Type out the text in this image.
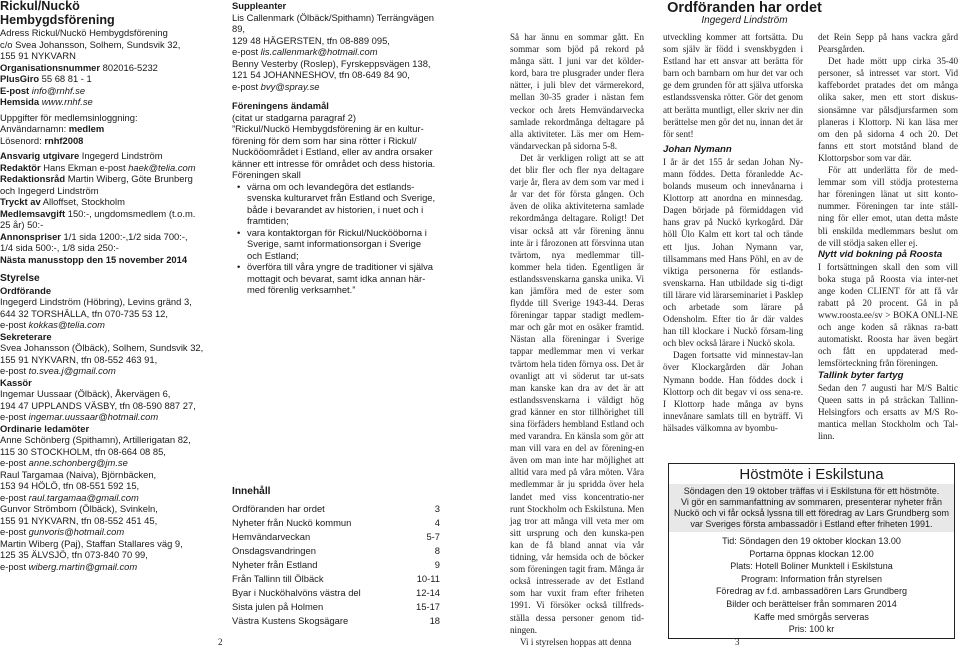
Rickul/Nuckö

Hembygdsförening

Adress Rickul/Nuckö Hembygdsförening
c/o Svea Johansson, Solhem, Sundsvik 32,
155 91 NYKVARN

Organisationsnummer 802016-5232

PlusGiro 55 68 81 - 1

E-post info@rnhf.se

Hemsida www.rnhf.se

Uppgifter för medlemsinloggning:

Användarnamn: medlem

Lösenord: rnhf2008

Ansvarig utgivare Ingegerd Lindström

Redaktör Hans Ekman e-post haek@telia.com

Redaktionsråd Martin Wiberg, Göte Brunberg
och Ingegerd Lindström

Tryckt av Alloffset, Stockholm

Medlemsavgift 150:-, ungdomsmedlem (t.o.m.
25 år) 50:-

Annonspriser 1/1 sida 1200:-,1/2 sida 700:-,
1/4 sida 500:-, 1/8 sida 250:-

Nästa manusstopp den 15 november 2014

Styrelse

Ordförande

Ingegerd Lindström (Höbring), Levins gränd 3,
644 32 TORSHÄLLA, tfn 070-735 53 12,
e-post kokkas@telia.com

Sekreterare

Svea Johansson (Ölbäck), Solhem, Sundsvik 32,
155 91 NYKVARN, tfn 08-552 463 91,
e-post to.svea.j@gmail.com

Kassör

Ingemar Uussaar (Ölbäck), Åkervägen 6,
194 47 UPPLANDS VÄSBY, tfn 08-590 887 27,
e-post ingemar.uussaar@hotmail.com

Ordinarie ledamöter

Anne Schönberg (Spithamn), Artillerigatan 82,
115 30 STOCKHOLM, tfn 08-664 08 85,
e-post anne.schonberg@jm.se

Raul Targamaa (Naiva), Björnbäcken,
153 94 HÖLÖ, tfn 08-551 592 15,
e-post raul.targamaa@gmail.com

Gunvor Strömbom (Ölbäck), Svinkeln,
155 91 NYKVARN, tfn 08-552 451 45,
e-post gunvoris@hotmail.com

Martin Wiberg (Paj), Staffan Stallares väg 9,
125 35 ÄLVSJÖ, tfn 073-840 70 99,
e-post wiberg.martin@gmail.com

Suppleanter

Lis Callenmark (Ölbäck/Spithamn) Terrängvägen 89,
129 48 HÄGERSTEN, tfn 08-889 095,
e-post lis.callenmark@hotmail.com

Benny Vesterby (Roslep), Fyrskeppsvägen 138,
121 54 JOHANNESHOV, tfn 08-649 84 90,
e-post bvy@spray.se

Föreningens ändamål

(citat ur stadgarna paragraf 2)

”Rickul/Nuckö Hembygdsförening är en kultur-
förening för dem som har sina rötter i Rickul/
Nuckööområdet i Estland, eller av andra orsaker
känner ett intresse för området och dess historia.
Föreningen skall

• värna om och levandegöra det estlands-
svenska kulturarvet från Estland och Sverige,
både i bevarandet av historien, i nuet och i
framtiden;
• vara kontaktorgan för Rickul/Nuckööborna i
Sverige, samt informationsorgan i Sverige
och Estland;
• överföra till våra yngre de traditioner vi själva
mottagit och bevarat, samt idka annan här-
med förenlig verksamhet.”

Innehåll

Ordföranden har ordet	3
Nyheter från Nuckö kommun	4
Hemvändarveckan	5-7
Onsdagsvandringen	8
Nyheter från Estland	9
Från Tallinn till Ölbäck	10-11
Byar i Nucköhalvöns västra del	12-14
Sista julen på Holmen	15-17
Västra Kustens Skogsägare	18
2
Ordföranden har ordet
Ingegerd Lindström

Så har ännu en sommar gått. En sommar som bjöd på rekord på många sätt. I juni var det kölder-kord, bara tre plusgrader under flera nätter, i juli blev det värmerekord, mellan 30-35 grader i nästan fem veckor och årets Hemvändarvecka samlade rekordmånga deltagare på alla aktiviteter. Läs mer om Hem-vändarveckan på sidorna 5-8.

Det är verkligen roligt att se att det blir fler och fler nya deltagare varje år, flera av dem som var med i år var det för första gången. Och även de olika aktiviteterna samlade rekordmånga deltagare. Roligt! Det visar också att vår förening ännu inte är i fårozonen att försvinna utan tvärtom, nya medlemmar till-kommer hela tiden. Egentligen är estlandssvenskarna ganska unika. Vi kan jämföra med de ester som flydde till Sverige 1943-44. Deras föreningar tappar stadigt medlem-mar och går mot en osäker framtid. Nästan alla föreningar i Sverige tappar medlemmar men vi verkar tvärtom hela tiden förnya oss. Det är ovanligt att vi söderut tar ut-sats man kanske kan dra av det är att estlandssvenskarna i väldigt hög grad känner en stor tillhörighet till sina förfäders hembland Estland och med varandra. En känsla som gör att man vill vara en del av förening-en även om man inte har möjlighet att alltid vara med på våra möten. Våra medlemmar är ju spridda över hela landet med viss koncentratio-ner runt Stockholm och Eskilstuna. Men jag tror att många vill veta mer om sitt ursprung och den kunska-pen kan de få bland annat via vår tidning, vår hemsida och de böcker som föreningen tagit fram. Många är också intresserade av det Estland som har vuxit fram efter friheten 1991. Vi försöker också tillfreds-ställa dessa personer genom tid-ningen.

Vi i styrelsen hoppas att denna

utveckling kommer att fortsätta. Du som själv är född i svenskbygden i Estland har ett ansvar att berätta för barn och barnbarn om hur det var och ge dem grunden för att själva utforska estlandssvenska rötter. Gör det genom att berätta muntligt, eller skriv ner din berättelse men gör det nu, innan det är för sent!

Johan Nymann

I år är det 155 år sedan Johan Ny-mann föddes. Detta föranledde Ac-bolands museum och innevånarna i Klottorp att anordna en minnesdag. Dagen började på förmiddagen vid hans grav på Nuckö kyrkogård. Där höll Ülo Kalm ett kort tal och tände ett ljus. Johan Nymann var, tillsammans med Hans Pöhl, en av de viktiga personerna för estlands-svenskarna. Han utbildade sig ti-digt till lärare vid lärarseminariet i Pasklep och arbetade som lärare på Odensholm. Efter tio år där valdes han till klockare i Nuckö försam-ling och blev också lärare i Nuckö skola.

Dagen fortsatte vid minnestav-lan över Klockargården där Johan Nymann bodde. Han föddes dock i Klottorp och dit begav vi oss sena-re. I Klottorp hade många av byns innevånare samlats till en byträff. Vi hälsades välkomna av byombu-

det Rein Sepp på hans vackra gård Pearsgården.

Det hade mött upp cirka 35-40 personer, så intresset var stort. Vid kaffebordet pratades det om många olika saker, men ett stort diskus-sionsämne var pålsdjursfarmen som planeras i Klottorp. Ni kan läsa mer om den på sidorna 4 och 20. Det fanns ett stort motstånd bland de Klottorpsbor som var där.

För att underlätta för de med-lemmar som vill stödja protesterna har föreningen länat ut sitt konto-nummer. Föreningen tar inte ställ-ning för eller emot, utan detta måste bli enskilda medlemmars beslut om de vill stödja saken eller ej.

Nytt vid bokning på Roosta

I fortsättningen skall den som vill boka stuga på Roosta via inter-net ange koden CLIENT för att få vår rabatt på 20 procent. Gå in på www.roosta.ee/sv > BOKA ONLI-NE och ange koden så räknas ra-batt automatiskt. Roosta har även begärt och fått en uppdaterad med-lemsförteckning från föreningen.

Tallink byter fartyg

Sedan den 7 augusti har M/S Baltic Queen satts in på sträckan Tallinn-Helsingfors och ersatts av M/S Ro-mantica mellan Stockholm och Tal-linn.

Höstmöte i Eskilstuna
Söndagen den 19 oktober träffas vi i Eskilstuna för ett höstmöte.
Vi gör en sammanfattning av sommaren, presenterar nyheter från
Nuckö och vi får också lyssna till ett föredrag av Lars Grundberg som
var Sveriges första ambassadör i Estland efter friheten 1991.
Tid: Söndagen den 19 oktober klockan 13.00
Portarna öppnas klockan 12.00
Plats: Hotell Boliner Munktell i Eskilstuna
Program: Information från styrelsen
Föredrag av f.d. ambassadören Lars Grundberg
Bilder och berättelser från sommaren 2014
Kaffe med smörgås serveras
Pris: 100 kr
3
